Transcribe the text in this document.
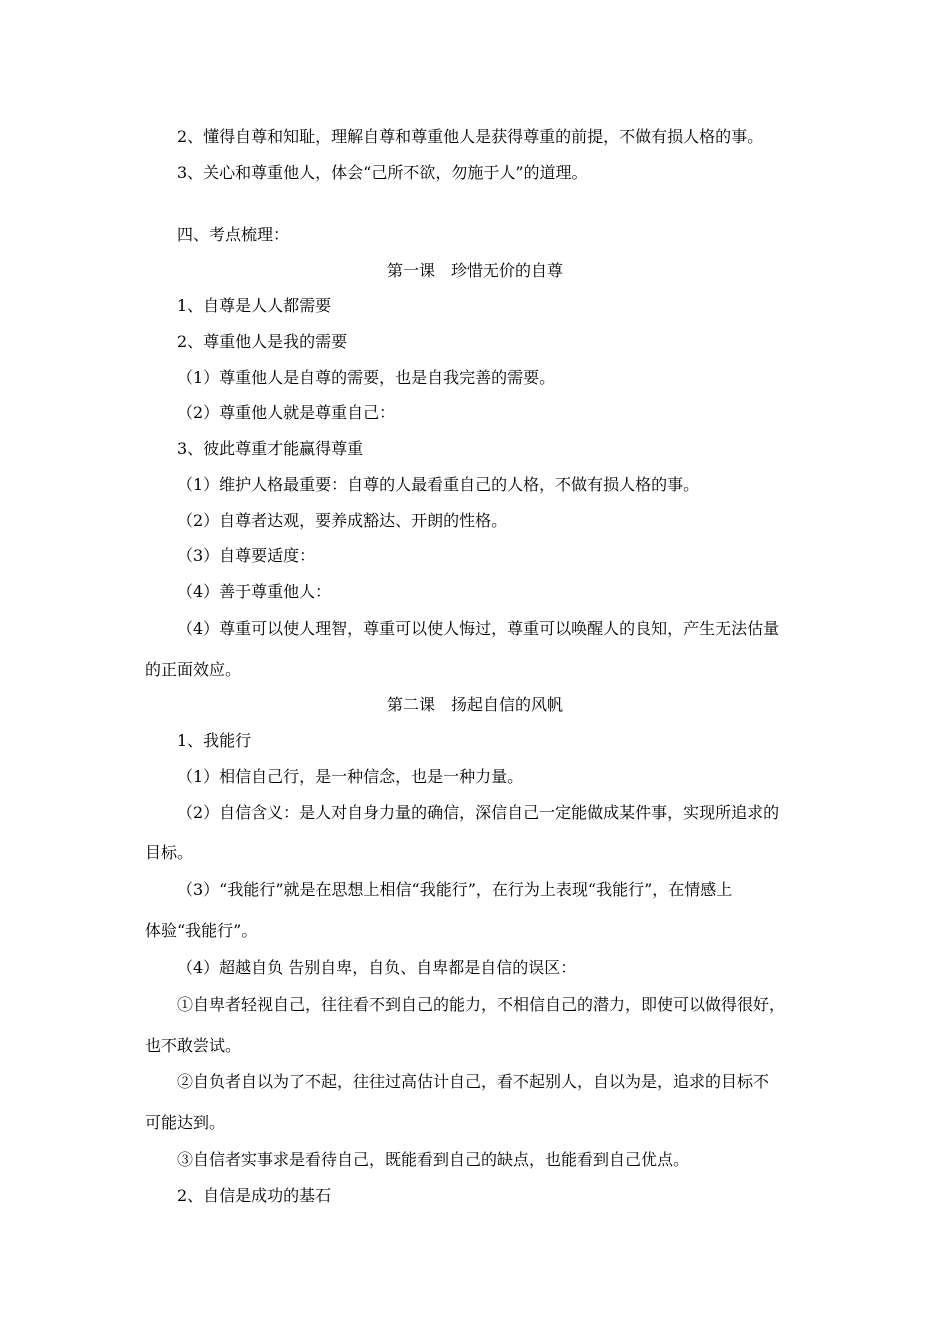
2、懂得自尊和知耻，理解自尊和尊重他人是获得尊重的前提，不做有损人格的事。
3、关心和尊重他人，体会“己所不欲，勿施于人”的道理。
四、考点梳理：
第一课　珍惜无价的自尊
1、自尊是人人都需要
2、尊重他人是我的需要
（1）尊重他人是自尊的需要，也是自我完善的需要。
（2）尊重他人就是尊重自己：
3、彼此尊重才能赢得尊重
（1）维护人格最重要：自尊的人最看重自己的人格，不做有损人格的事。
（2）自尊者达观，要养成豁达、开朗的性格。
（3）自尊要适度：
（4）善于尊重他人：
（4）尊重可以使人理智，尊重可以使人悔过，尊重可以唤醒人的良知，产生无法估量
的正面效应。
第二课　扬起自信的风帆
1、我能行
（1）相信自己行，是一种信念，也是一种力量。
（2）自信含义：是人对自身力量的确信，深信自己一定能做成某件事，实现所追求的
目标。
（3）“我能行”就是在思想上相信“我能行”，在行为上表现“我能行”，在情感上
体验“我能行”。
（4）超越自负 告别自卑，自负、自卑都是自信的误区：
①自卑者轻视自己，往往看不到自己的能力，不相信自己的潜力，即使可以做得很好，
也不敢尝试。
②自负者自以为了不起，往往过高估计自己，看不起别人，自以为是，追求的目标不
可能达到。
③自信者实事求是看待自己，既能看到自己的缺点，也能看到自己优点。
2、自信是成功的基石
